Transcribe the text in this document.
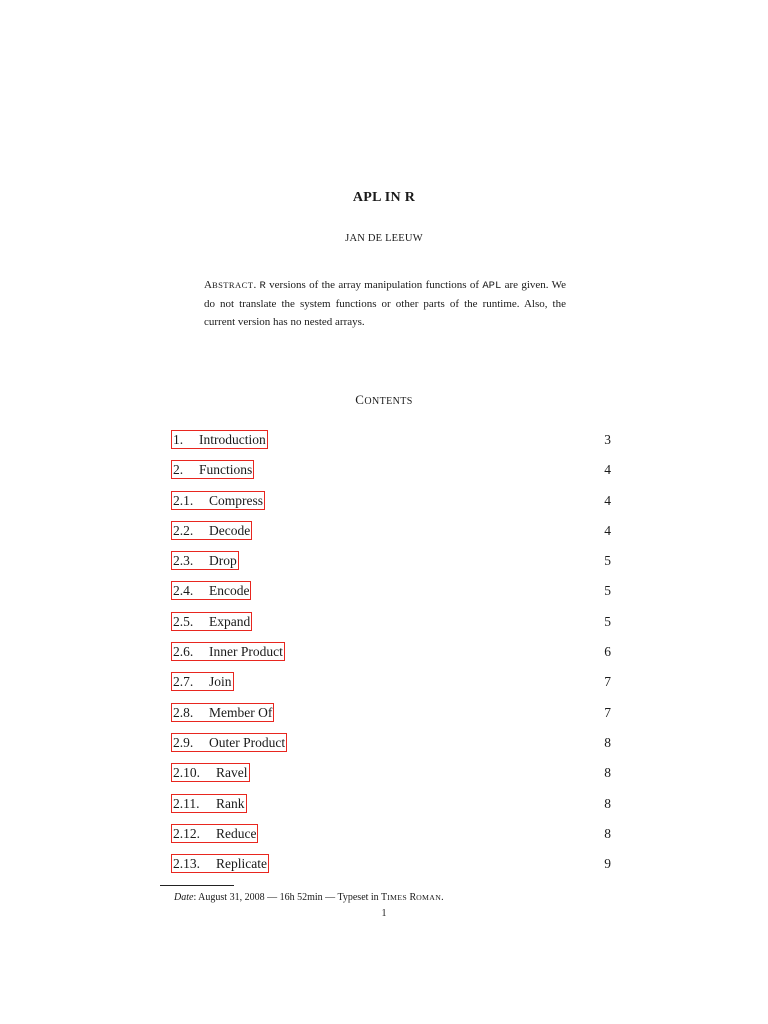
APL IN R
JAN DE LEEUW
ABSTRACT. R versions of the array manipulation functions of APL are given. We do not translate the system functions or other parts of the runtime. Also, the current version has no nested arrays.
CONTENTS
1. Introduction	3
2. Functions	4
2.1. Compress	4
2.2. Decode	4
2.3. Drop	5
2.4. Encode	5
2.5. Expand	5
2.6. Inner Product	6
2.7. Join	7
2.8. Member Of	7
2.9. Outer Product	8
2.10. Ravel	8
2.11. Rank	8
2.12. Reduce	8
2.13. Replicate	9
Date: August 31, 2008 — 16h 52min — Typeset in TIMES ROMAN.
1
